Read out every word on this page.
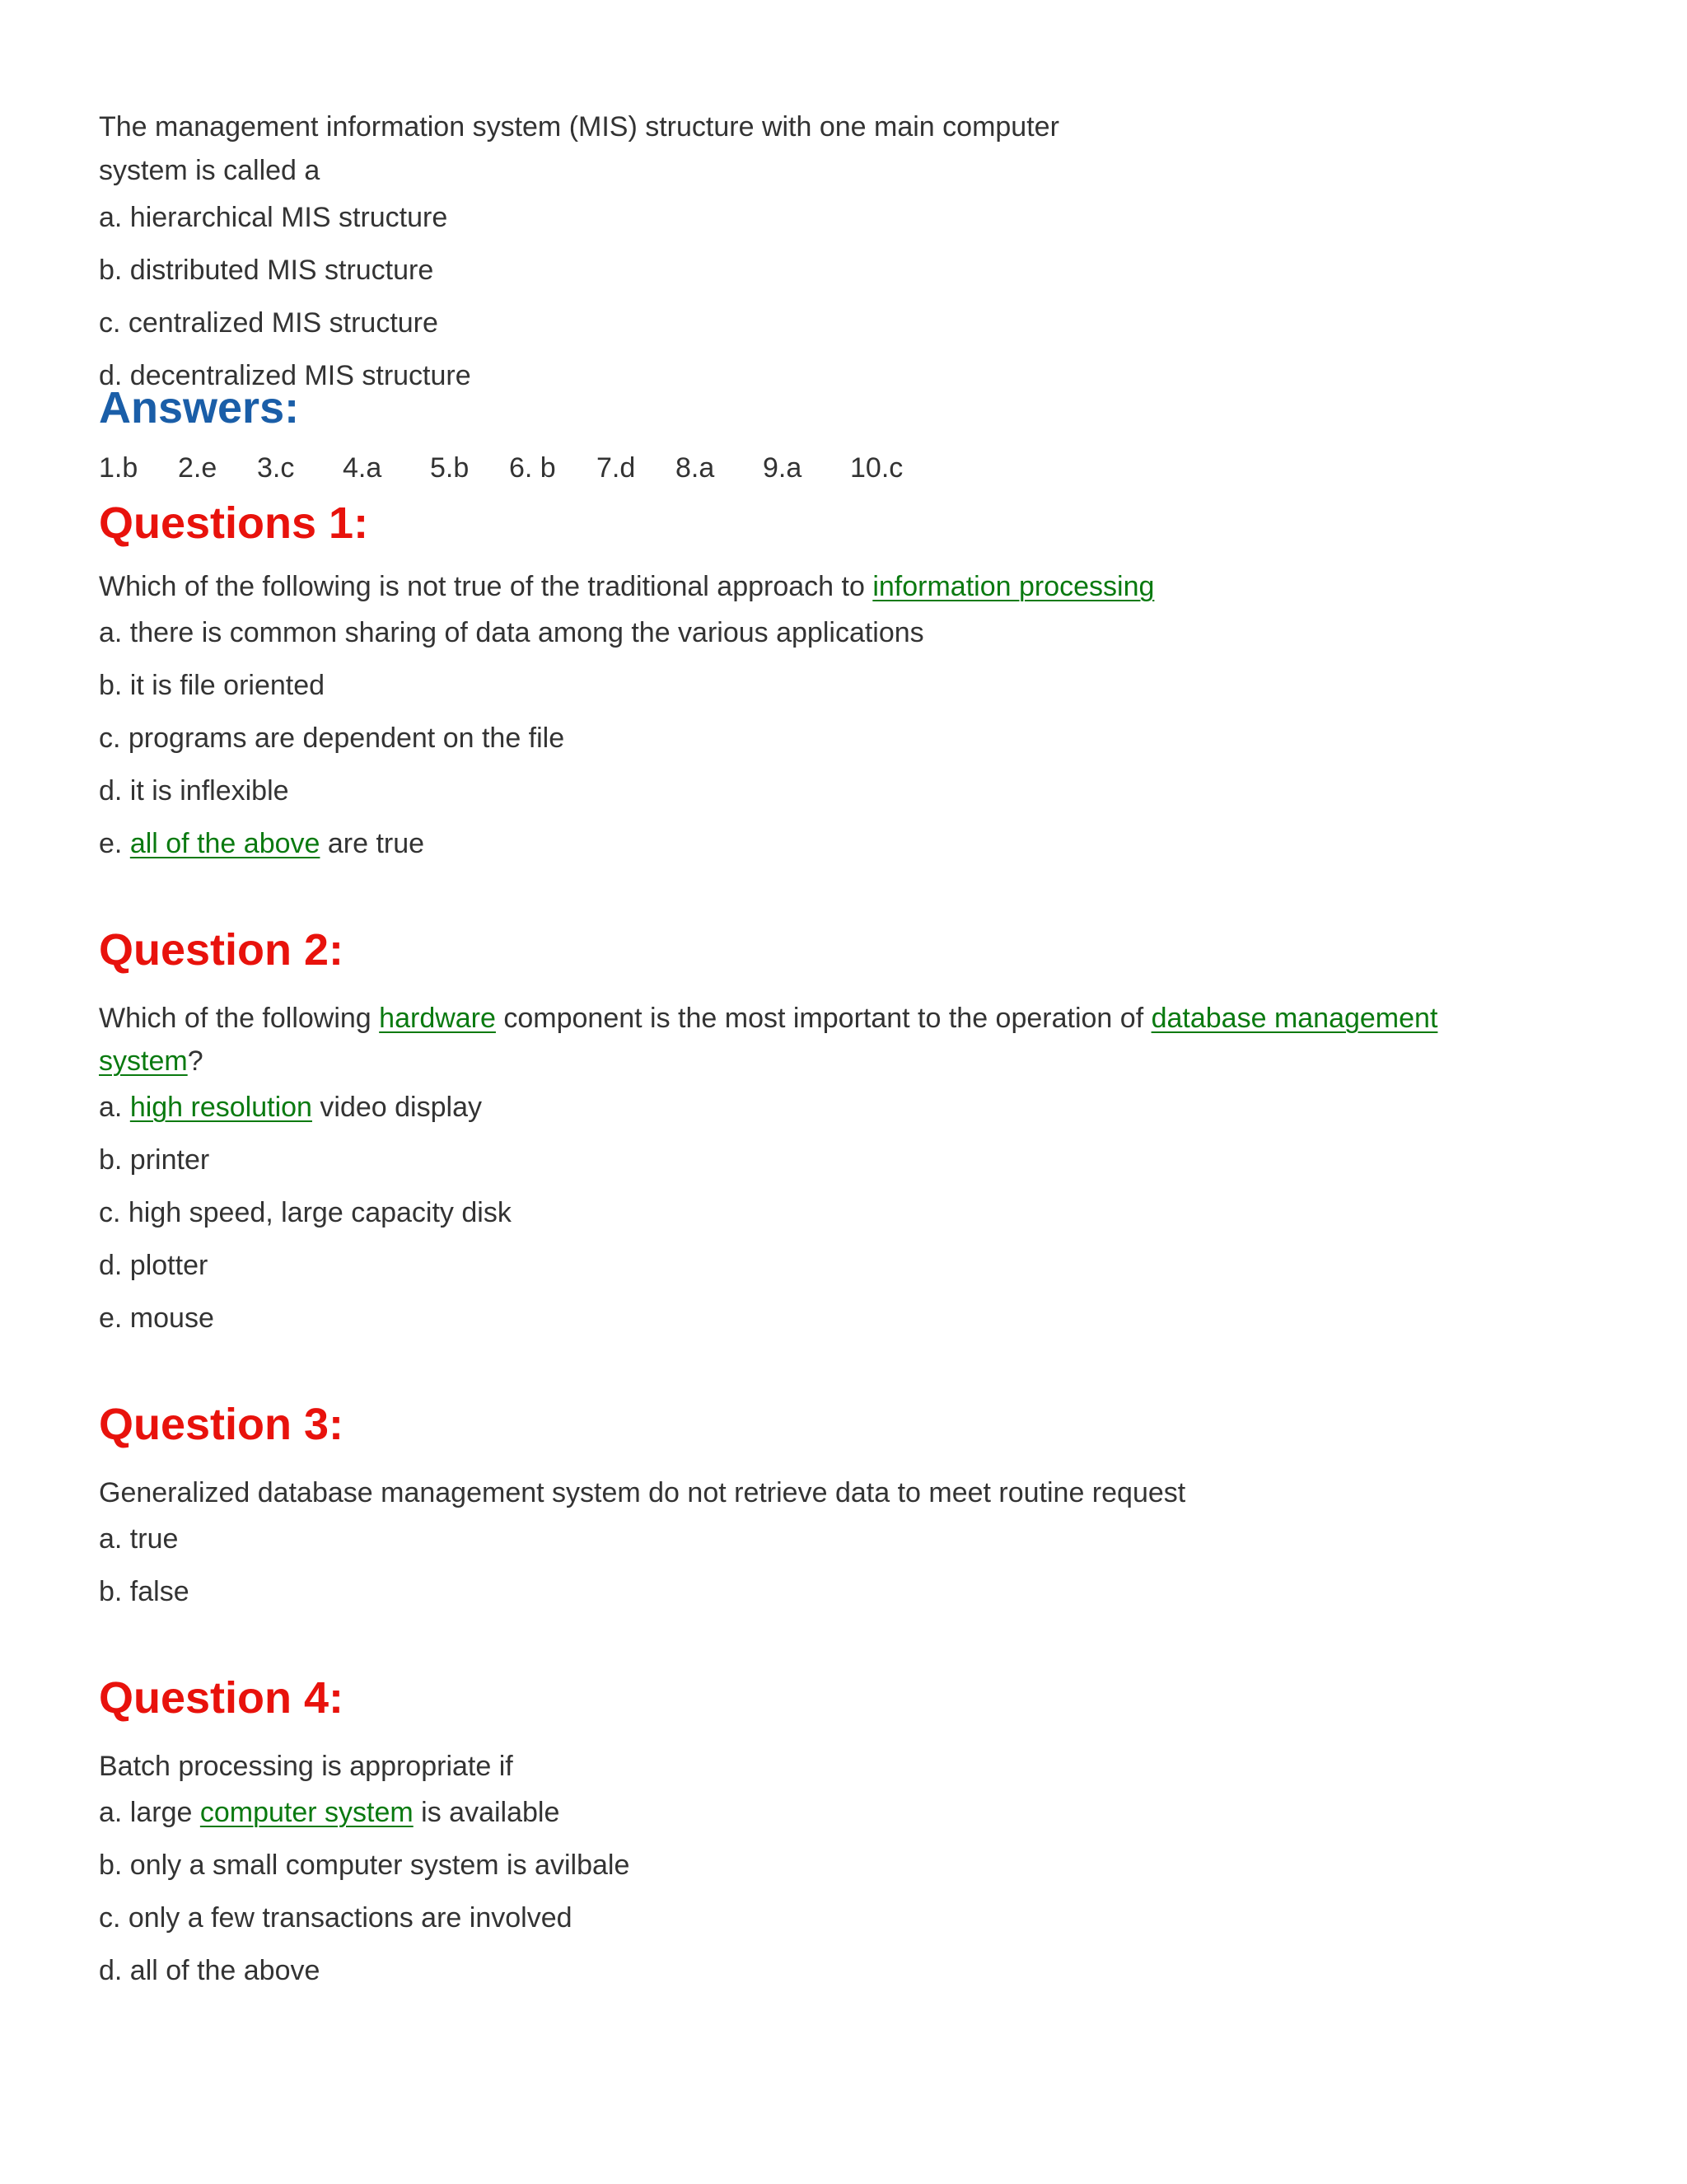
The management information system (MIS) structure with one main computer system is called a

a. hierarchical MIS structure

b. distributed MIS structure

c. centralized MIS structure

d. decentralized MIS structure

Answers:
1.b 2.e 3.c 4.a 5.b 6. b 7.d 8.a 9.a 10.c
Questions 1:

Which of the following is not true of the traditional approach to information processing

a. there is common sharing of data among the various applications

b. it is file oriented

c. programs are dependent on the file

d. it is inflexible

e. all of the above are true

Question 2:

Which of the following hardware component is the most important to the operation of database management
system?

a. high resolution video display

b. printer

c. high speed, large capacity disk

d. plotter

e. mouse

Question 3:

Generalized database management system do not retrieve data to meet routine request

a. true

b. false

Question 4:

Batch processing is appropriate if

a. large computer system is available

b. only a small computer system is avilbale

c. only a few transactions are involved

d. all of the above
